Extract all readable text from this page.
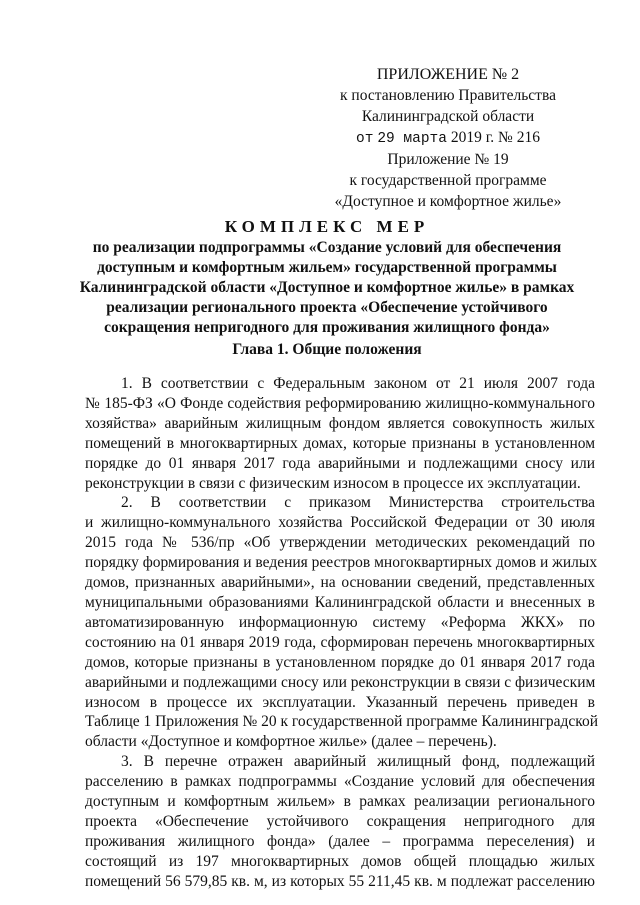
ПРИЛОЖЕНИЕ № 2
к постановлению Правительства
Калининградской области
от 29 марта 2019 г. № 216
Приложение № 19
к государственной программе
«Доступное и комфортное жилье»
КОМПЛЕКС МЕР
по реализации подпрограммы «Создание условий для обеспечения
доступным и комфортным жильем» государственной программы
Калининградской области «Доступное и комфортное жилье» в рамках
реализации регионального проекта «Обеспечение устойчивого
сокращения непригодного для проживания жилищного фонда»
Глава 1. Общие положения
1. В соответствии с Федеральным законом от 21 июля 2007 года
№ 185-ФЗ «О Фонде содействия реформированию жилищно-коммунального
хозяйства» аварийным жилищным фондом является совокупность жилых
помещений в многоквартирных домах, которые признаны в установленном
порядке до 01 января 2017 года аварийными и подлежащими сносу или
реконструкции в связи с физическим износом в процессе их эксплуатации.
2. В соответствии с приказом Министерства строительства
и жилищно-коммунального хозяйства Российской Федерации от 30 июля
2015 года № 536/пр «Об утверждении методических рекомендаций по
порядку формирования и ведения реестров многоквартирных домов и жилых
домов, признанных аварийными», на основании сведений, представленных
муниципальными образованиями Калининградской области и внесенных в
автоматизированную информационную систему «Реформа ЖКХ» по
состоянию на 01 января 2019 года, сформирован перечень многоквартирных
домов, которые признаны в установленном порядке до 01 января 2017 года
аварийными и подлежащими сносу или реконструкции в связи с физическим
износом в процессе их эксплуатации. Указанный перечень приведен в
Таблице 1 Приложения № 20 к государственной программе Калининградской
области «Доступное и комфортное жилье» (далее – перечень).
3. В перечне отражен аварийный жилищный фонд, подлежащий
расселению в рамках подпрограммы «Создание условий для обеспечения
доступным и комфортным жильем» в рамках реализации регионального
проекта «Обеспечение устойчивого сокращения непригодного для
проживания жилищного фонда» (далее – программа переселения) и
состоящий из 197 многоквартирных домов общей площадью жилых
помещений 56 579,85 кв. м, из которых 55 211,45 кв. м подлежат расселению
